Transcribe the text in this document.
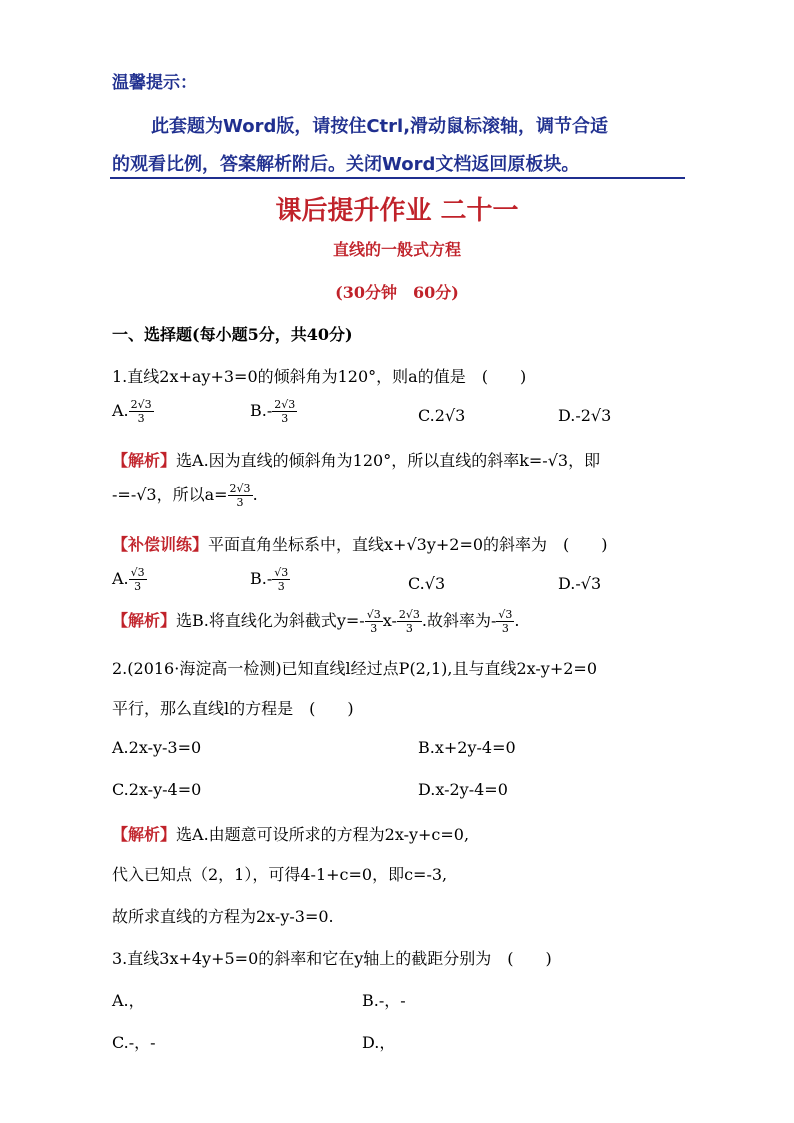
温馨提示：
此套题为Word版，请按住Ctrl,滑动鼠标滚轴，调节合适
的观看比例，答案解析附后。关闭Word文档返回原板块。
课后提升作业 二十一
直线的一般式方程
(30分钟　60分)
一、选择题(每小题5分，共40分)
1.直线2x+ay+3=0的倾斜角为120°，则a的值是　(　　)
A. $\frac{2√3}{3}$	$B.- \frac{2√3}{3}$	C.2√3	D.-2√3
【解析】选A.因为直线的倾斜角为120°，所以直线的斜率k=-√3，即
-=-√3，所以$a= \frac{2√3}{3}$ .
【补偿训练】平面直角坐标系中，直线x+√3y+2=0的斜率为　(　　)
A. $\frac{√3}{3}$	$B.- \frac{√3}{3}$	C.√3	D.-√3
【解析】选B.将直线化为斜截式$y=- \frac{√3}{3} x- \frac{2√3}{3}$ .故斜率为- $\frac{√3}{3}$ .
2.(2016·海淀高一检测)已知直线l经过点P(2,1),且与直线2x-y+2=0
平行，那么直线l的方程是　(　　)
A.2x-y-3=0	B.x+2y-4=0
C.2x-y-4=0	D.x-2y-4=0
【解析】选A.由题意可设所求的方程为2x-y+c=0,
代入已知点（2，1），可得4-1+c=0，即c=-3,
故所求直线的方程为2x-y-3=0.
3.直线3x+4y+5=0的斜率和它在y轴上的截距分别为　(　　)
A.，	B.-，-
C.-，-	D.，
